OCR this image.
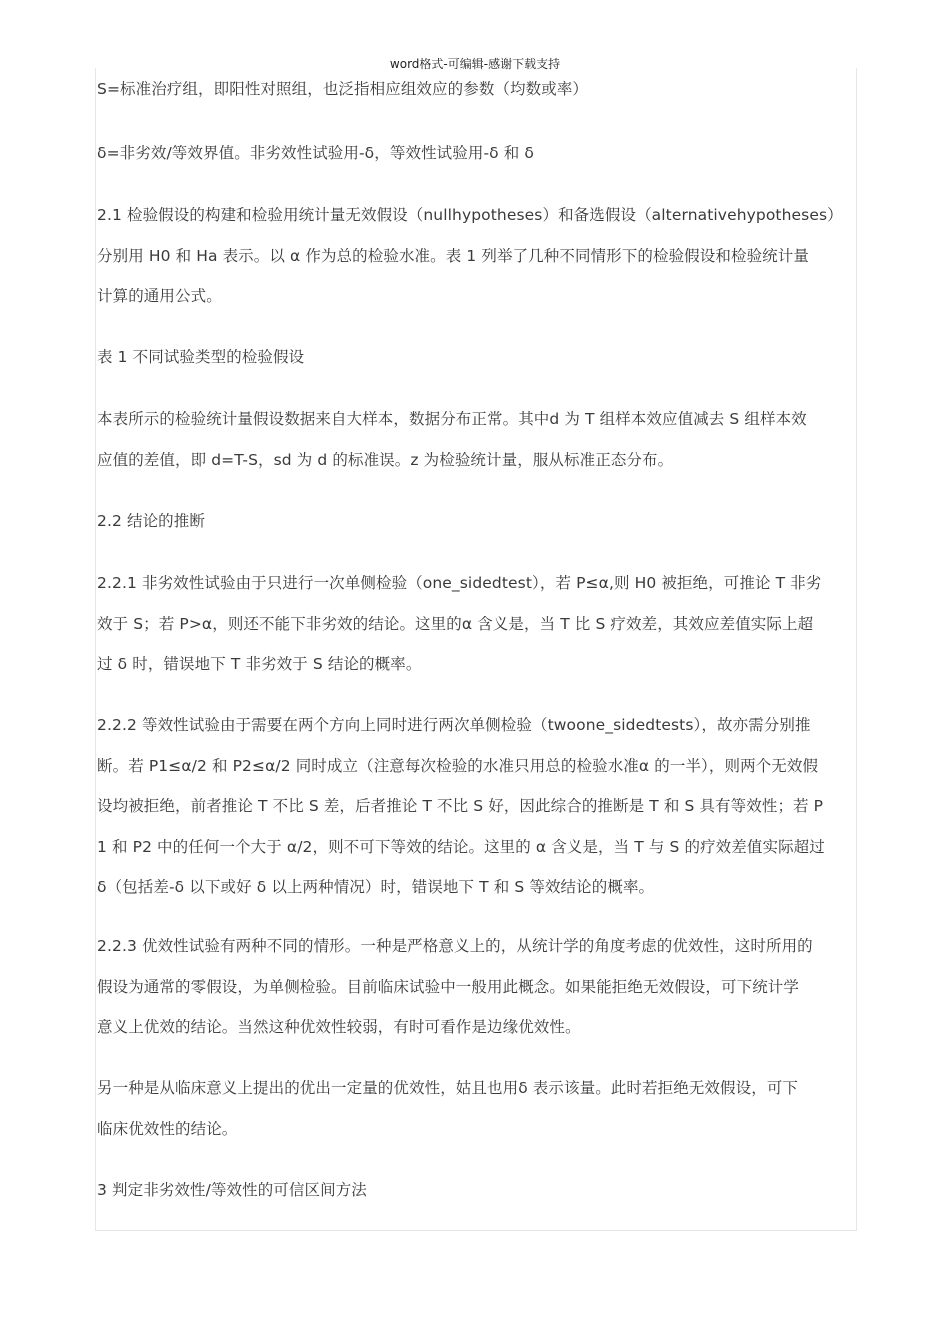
word格式-可编辑-感谢下载支持
S=标准治疗组，即阳性对照组，也泛指相应组效应的参数（均数或率）
δ=非劣效/等效界值。非劣效性试验用-δ，等效性试验用-δ 和 δ
2.1 检验假设的构建和检验用统计量无效假设（nullhypotheses）和备选假设（alternativehypotheses）
分别用 H0 和 Ha 表示。以 α 作为总的检验水准。表 1 列举了几种不同情形下的检验假设和检验统计量
计算的通用公式。
表 1 不同试验类型的检验假设
本表所示的检验统计量假设数据来自大样本，数据分布正常。其中d 为 T 组样本效应值减去 S 组样本效
应值的差值，即 d=T-S，sd 为 d 的标准误。z 为检验统计量，服从标准正态分布。
2.2 结论的推断
2.2.1 非劣效性试验由于只进行一次单侧检验（one_sidedtest），若 P≤α,则 H0 被拒绝，可推论 T 非劣
效于 S；若 P>α，则还不能下非劣效的结论。这里的α 含义是，当 T 比 S 疗效差，其效应差值实际上超
过 δ 时，错误地下 T 非劣效于 S 结论的概率。
2.2.2 等效性试验由于需要在两个方向上同时进行两次单侧检验（twoone_sidedtests），故亦需分别推
断。若 P1≤α/2 和 P2≤α/2 同时成立（注意每次检验的水准只用总的检验水准α 的一半），则两个无效假
设均被拒绝，前者推论 T 不比 S 差，后者推论 T 不比 S 好，因此综合的推断是 T 和 S 具有等效性；若 P
1 和 P2 中的任何一个大于 α/2，则不可下等效的结论。这里的 α 含义是，当 T 与 S 的疗效差值实际超过
δ（包括差-δ 以下或好 δ 以上两种情况）时，错误地下 T 和 S 等效结论的概率。
2.2.3 优效性试验有两种不同的情形。一种是严格意义上的，从统计学的角度考虑的优效性，这时所用的
假设为通常的零假设，为单侧检验。目前临床试验中一般用此概念。如果能拒绝无效假设，可下统计学
意义上优效的结论。当然这种优效性较弱，有时可看作是边缘优效性。
另一种是从临床意义上提出的优出一定量的优效性，姑且也用δ 表示该量。此时若拒绝无效假设，可下
临床优效性的结论。
3 判定非劣效性/等效性的可信区间方法
